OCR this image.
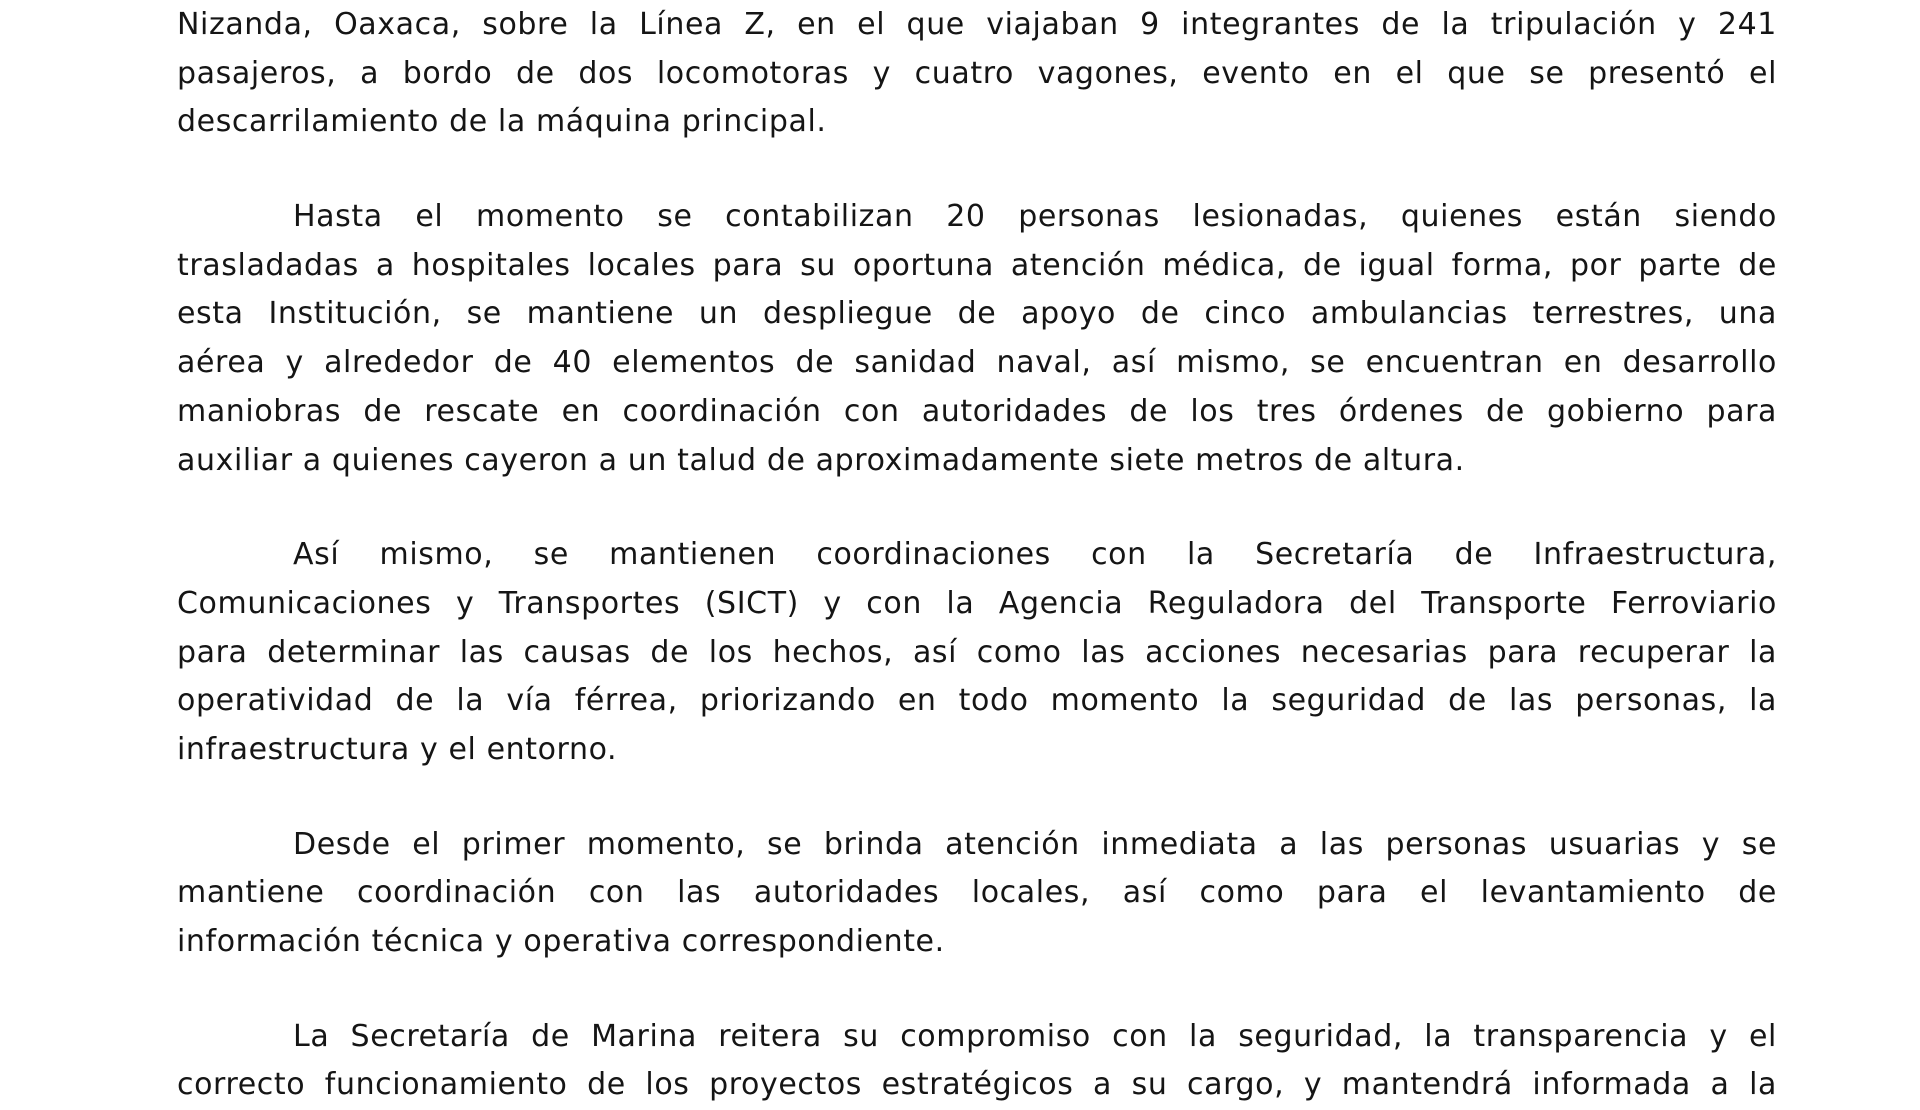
Nizanda, Oaxaca, sobre la Línea Z, en el que viajaban 9 integrantes de la tripulación y 241
pasajeros, a bordo de dos locomotoras y cuatro vagones, evento en el que se presentó el
descarrilamiento de la máquina principal.
Hasta el momento se contabilizan 20 personas lesionadas, quienes están siendo
trasladadas a hospitales locales para su oportuna atención médica, de igual forma, por parte de
esta Institución, se mantiene un despliegue de apoyo de cinco ambulancias terrestres, una
aérea y alrededor de 40 elementos de sanidad naval, así mismo, se encuentran en desarrollo
maniobras de rescate en coordinación con autoridades de los tres órdenes de gobierno para
auxiliar a quienes cayeron a un talud de aproximadamente siete metros de altura.
Así mismo, se mantienen coordinaciones con la Secretaría de Infraestructura,
Comunicaciones y Transportes (SICT) y con la Agencia Reguladora del Transporte Ferroviario
para determinar las causas de los hechos, así como las acciones necesarias para recuperar la
operatividad de la vía férrea, priorizando en todo momento la seguridad de las personas, la
infraestructura y el entorno.
Desde el primer momento, se brinda atención inmediata a las personas usuarias y se
mantiene coordinación con las autoridades locales, así como para el levantamiento de
información técnica y operativa correspondiente.
La Secretaría de Marina reitera su compromiso con la seguridad, la transparencia y el
correcto funcionamiento de los proyectos estratégicos a su cargo, y mantendrá informada a la
